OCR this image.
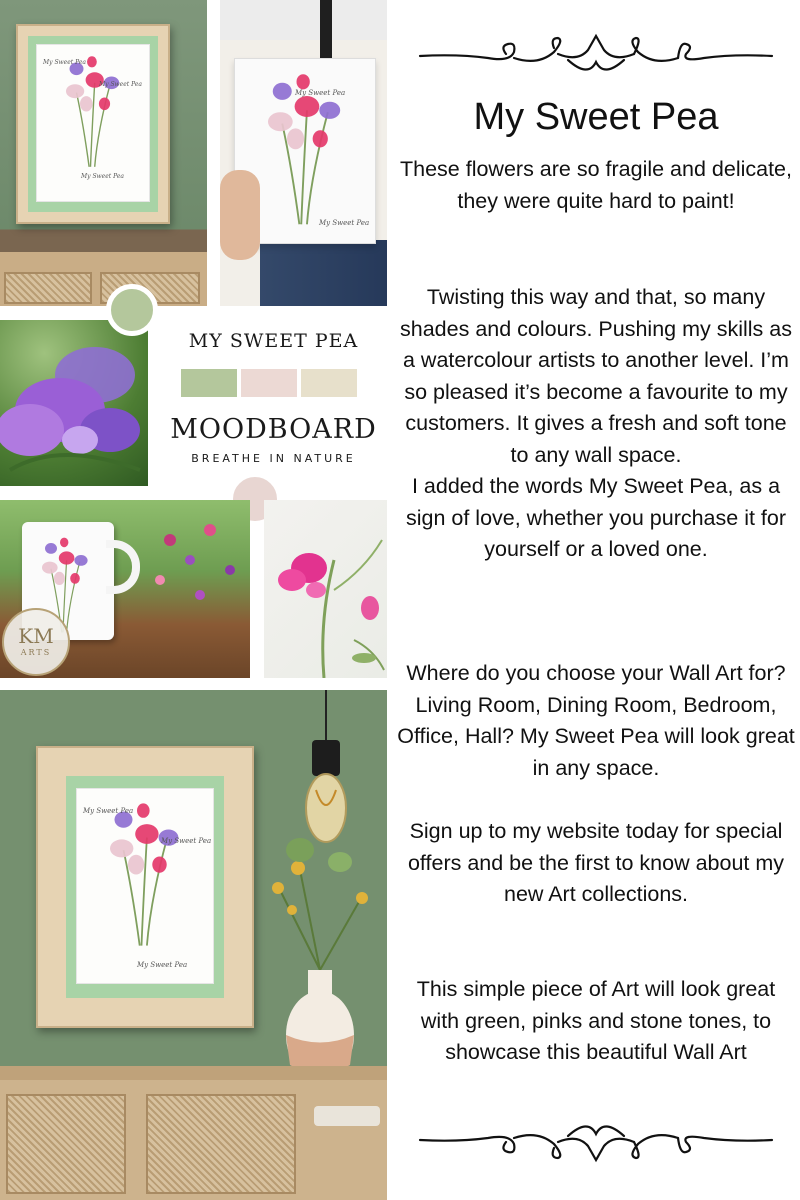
My Sweet Pea
My Sweet Pea
My Sweet Pea
My Sweet Pea
My Sweet Pea
MY SWEET PEA
MOODBOARD
BREATHE IN NATURE
KM
ARTS
My Sweet Pea
My Sweet Pea
My Sweet Pea
My Sweet Pea

These flowers are so fragile and delicate, they were quite hard to paint!

Twisting this way and that, so many shades and colours. Pushing my skills as a watercolour artists to another level. I’m so pleased it’s become a favourite to my customers. It gives a fresh and soft tone to any wall space.
I added the words My Sweet Pea, as a sign of love, whether you purchase it for yourself or a loved one.

Where do you choose your Wall Art for? Living Room, Dining Room, Bedroom, Office, Hall? My Sweet Pea will look great in any space.

Sign up to my website today for special offers and be the first to know about my new Art collections.

This simple piece of Art will look great with green, pinks and stone tones, to showcase this beautiful Wall Art
